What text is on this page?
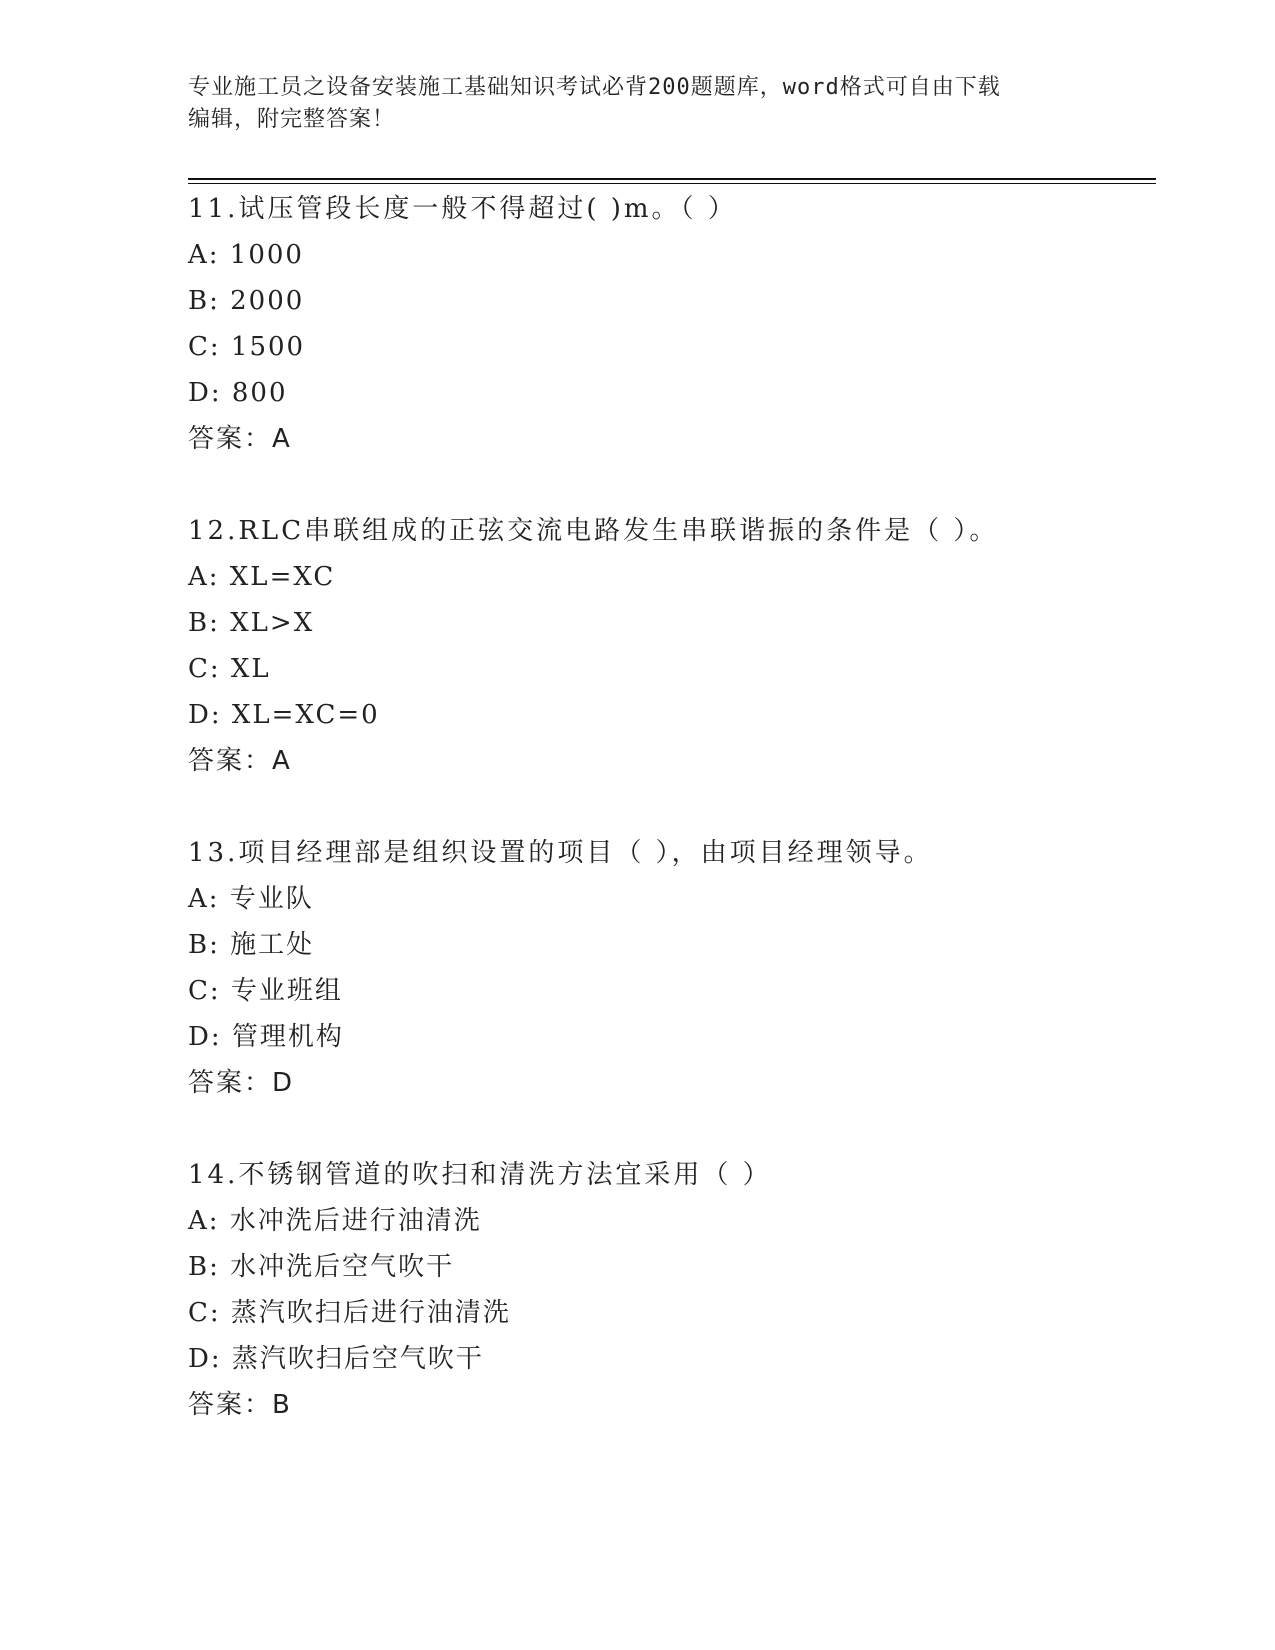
专业施工员之设备安装施工基础知识考试必背200题题库，word格式可自由下载
编辑，附完整答案！
11.试压管段长度一般不得超过( )m。（ ）
A: 1000
B: 2000
C: 1500
D: 800
答案：A
12.RLC串联组成的正弦交流电路发生串联谐振的条件是（ ）。
A: XL=XC
B: XL>X
C: XL
D: XL=XC=0
答案：A
13.项目经理部是组织设置的项目（ ），由项目经理领导。
A: 专业队
B: 施工处
C: 专业班组
D: 管理机构
答案：D
14.不锈钢管道的吹扫和清洗方法宜采用（ ）
A: 水冲洗后进行油清洗
B: 水冲洗后空气吹干
C: 蒸汽吹扫后进行油清洗
D: 蒸汽吹扫后空气吹干
答案：B
